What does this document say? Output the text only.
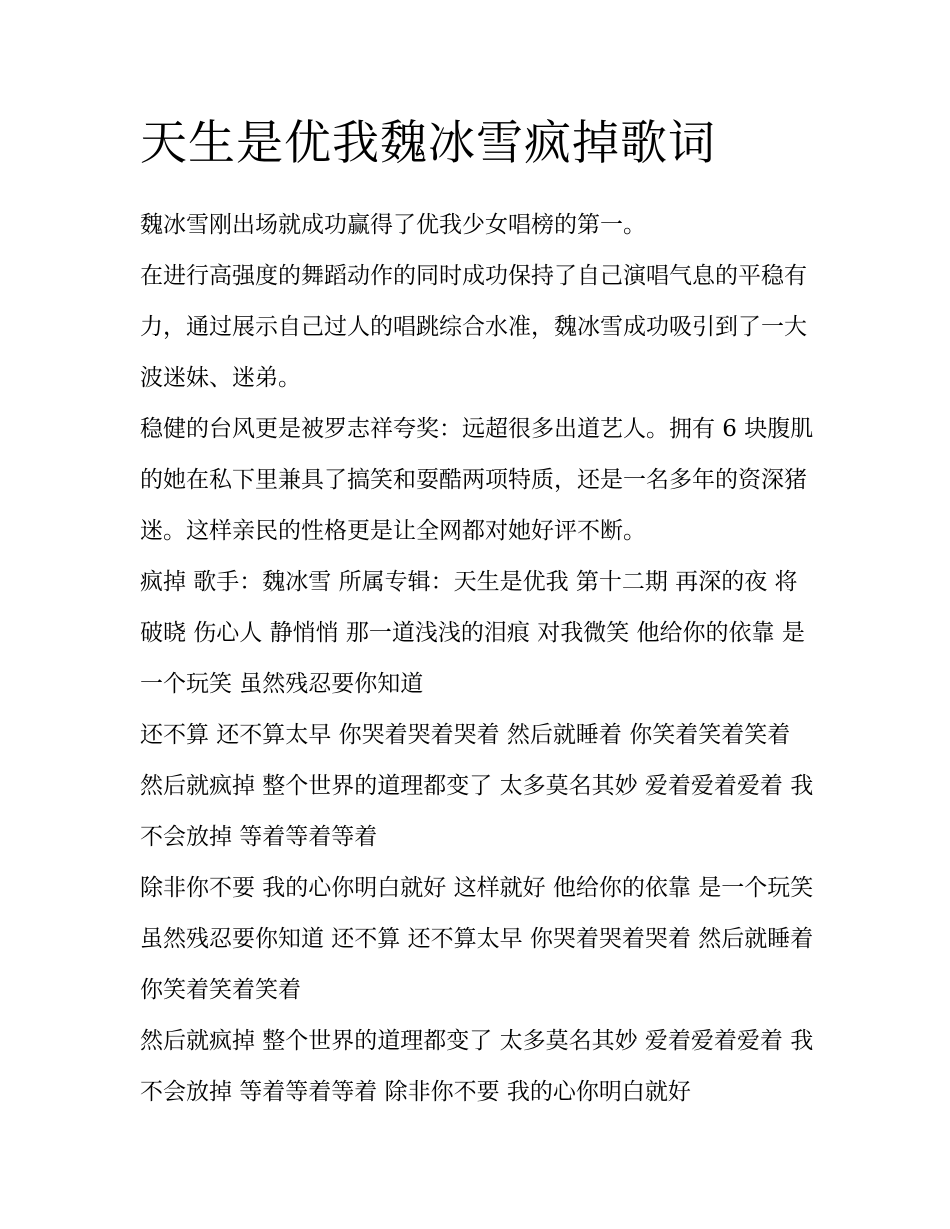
天生是优我魏冰雪疯掉歌词

魏冰雪刚出场就成功赢得了优我少女唱榜的第一。

在进行高强度的舞蹈动作的同时成功保持了自己演唱气息的平稳有力，通过展示自己过人的唱跳综合水准，魏冰雪成功吸引到了一大波迷妹、迷弟。

稳健的台风更是被罗志祥夸奖：远超很多出道艺人。拥有 6 块腹肌的她在私下里兼具了搞笑和耍酷两项特质，还是一名多年的资深猪迷。这样亲民的性格更是让全网都对她好评不断。

疯掉 歌手：魏冰雪 所属专辑：天生是优我 第十二期 再深的夜 将破晓 伤心人 静悄悄 那一道浅浅的泪痕 对我微笑 他给你的依靠 是一个玩笑 虽然残忍要你知道

还不算 还不算太早 你哭着哭着哭着 然后就睡着 你笑着笑着笑着 然后就疯掉 整个世界的道理都变了 太多莫名其妙 爱着爱着爱着 我不会放掉 等着等着等着

除非你不要 我的心你明白就好 这样就好 他给你的依靠 是一个玩笑 虽然残忍要你知道 还不算 还不算太早 你哭着哭着哭着 然后就睡着 你笑着笑着笑着

然后就疯掉 整个世界的道理都变了 太多莫名其妙 爱着爱着爱着 我不会放掉 等着等着等着 除非你不要 我的心你明白就好
